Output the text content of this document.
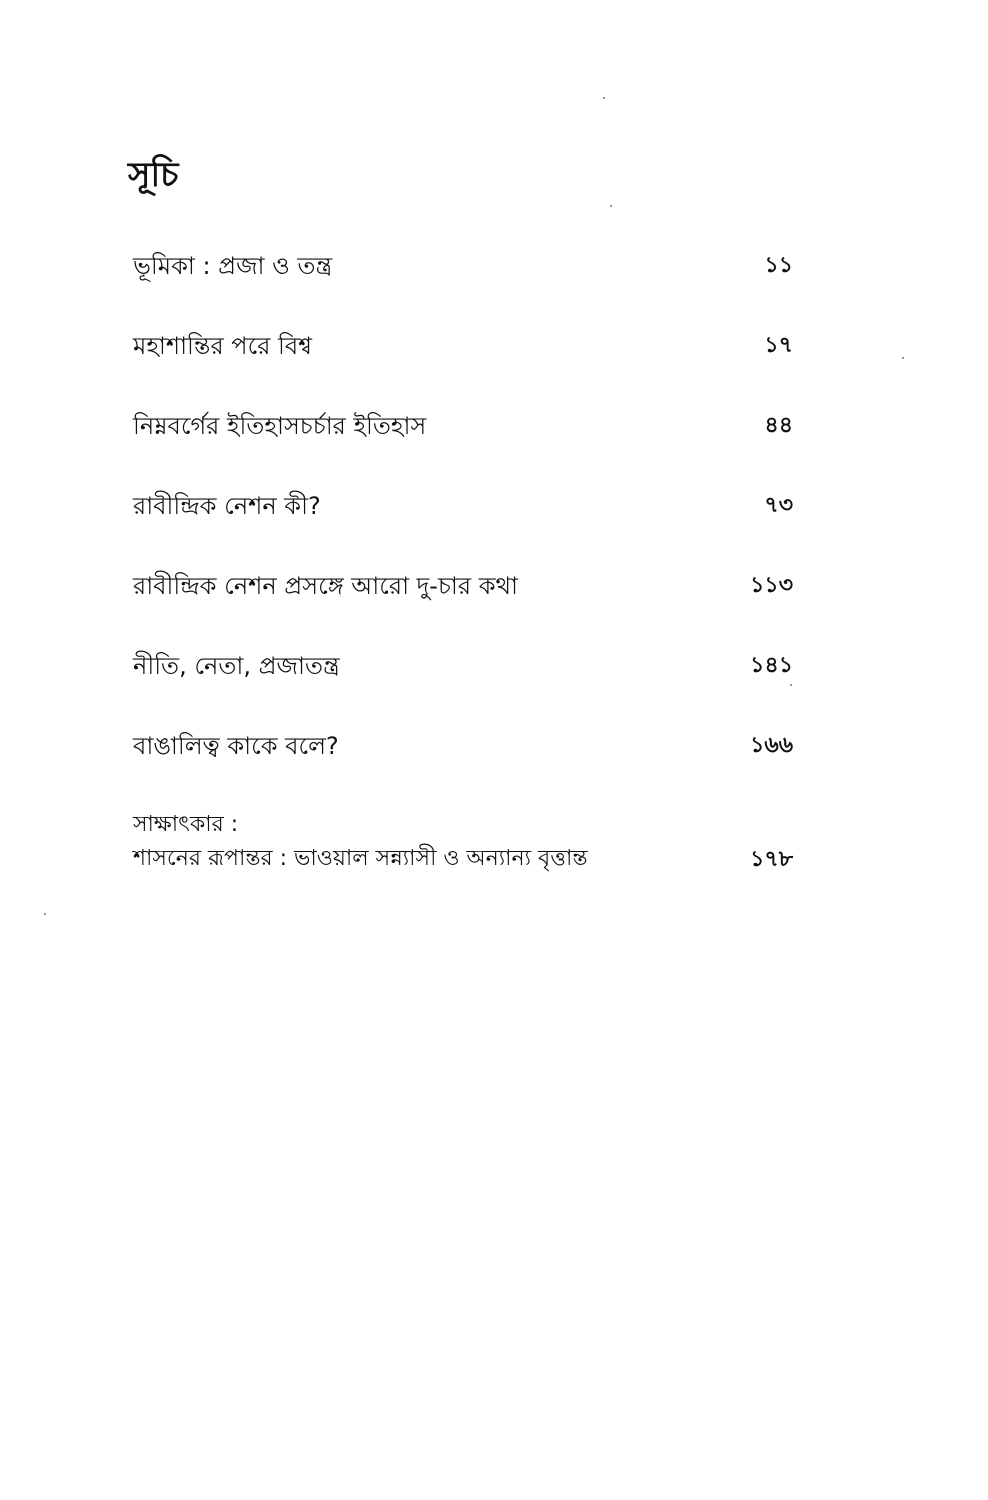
সূচি
ভূমিকা : প্রজা ও তন্ত্র	১১
মহাশান্তির পরে বিশ্ব	১৭
নিম্নবর্গের ইতিহাসচর্চার ইতিহাস	৪৪
রাবীন্দ্রিক নেশন কী?	৭৩
রাবীন্দ্রিক নেশন প্রসঙ্গে আরো দু-চার কথা	১১৩
নীতি, নেতা, প্রজাতন্ত্র	১৪১
বাঙালিত্ব কাকে বলে?	১৬৬
সাক্ষাৎকার :
শাসনের রূপান্তর : ভাওয়াল সন্ন্যাসী ও অন্যান্য বৃত্তান্ত	১৭৮
